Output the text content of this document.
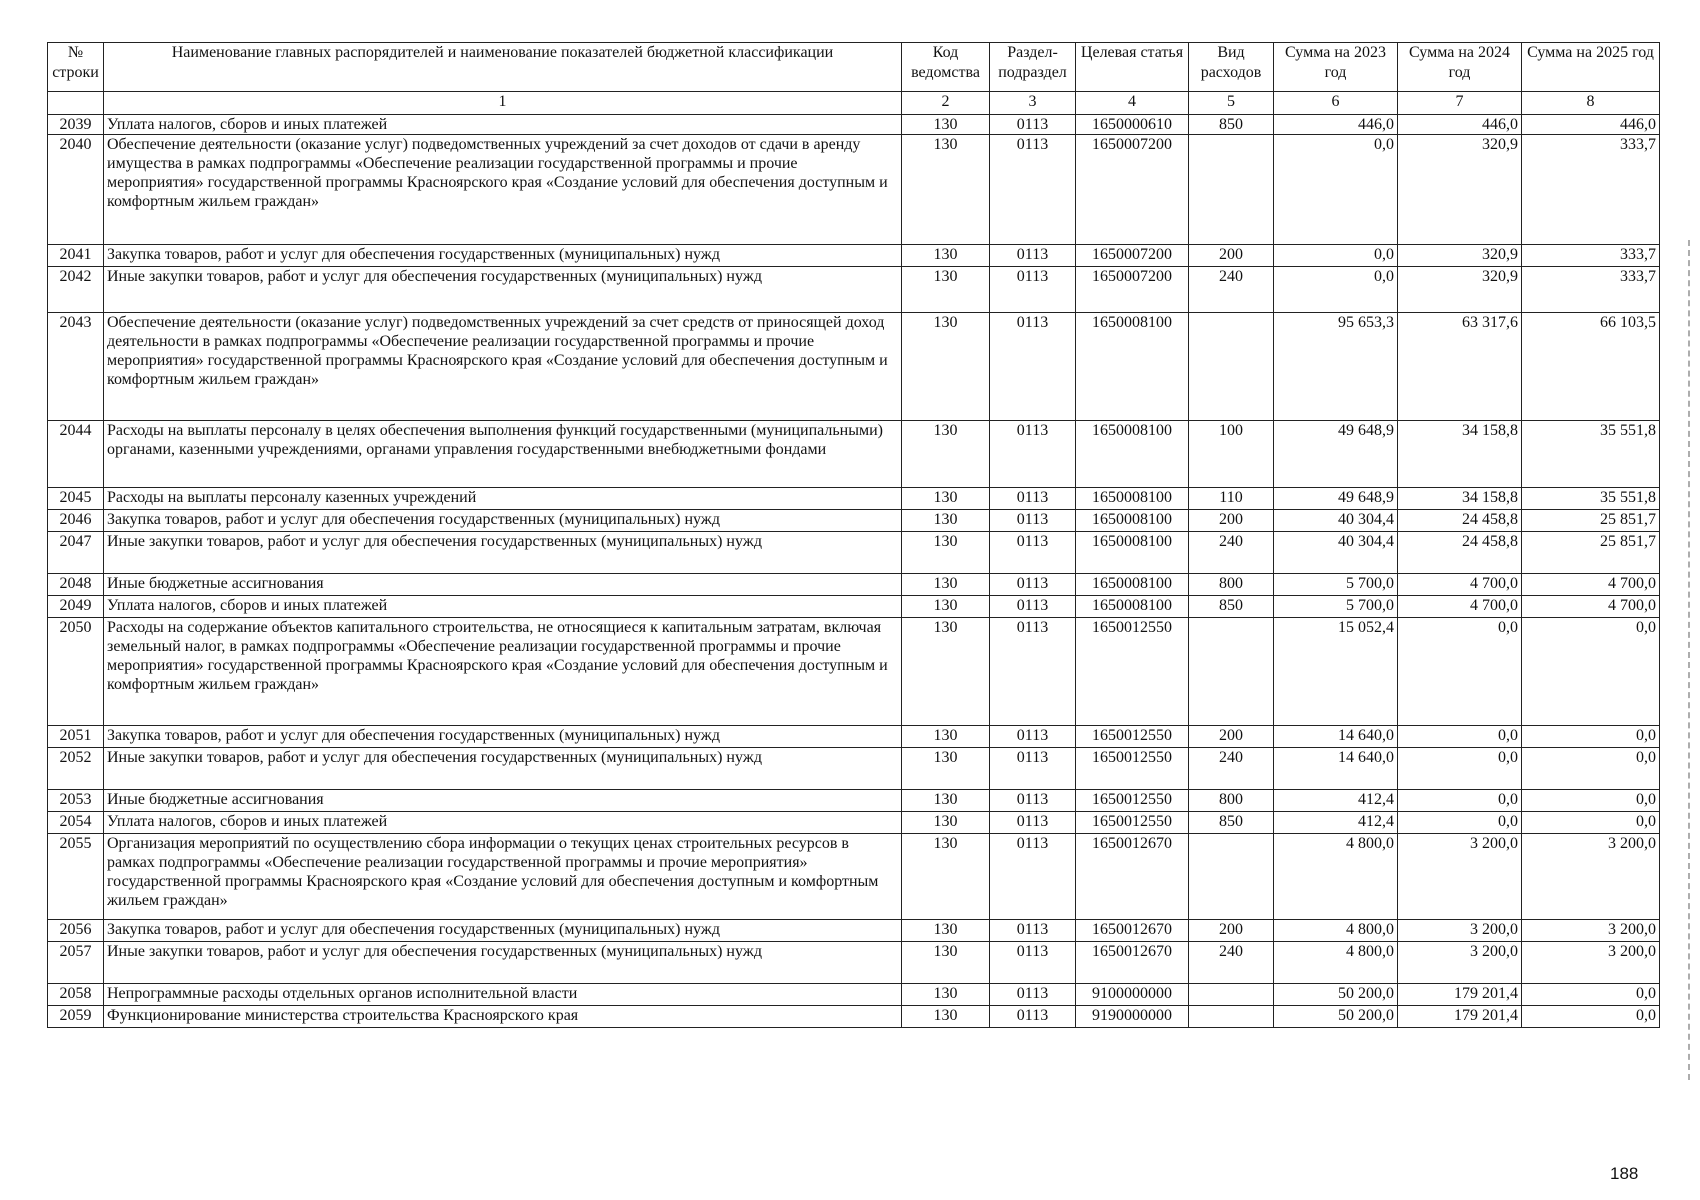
№ строки	Наименование главных распорядителей и наименование показателей бюджетной классификации	Код ведомства	Раздел-подраздел	Целевая статья	Вид расходов	Сумма на 2023 год	Сумма на 2024 год	Сумма на 2025 год
	1	2	3	4	5	6	7	8
2039	Уплата налогов, сборов и иных платежей	130	0113	1650000610	850	446,0	446,0	446,0
2040	Обеспечение деятельности (оказание услуг) подведомственных учреждений за счет доходов от сдачи в аренду имущества в рамках подпрограммы «Обеспечение реализации государственной программы и прочие мероприятия» государственной программы Красноярского края «Создание условий для обеспечения доступным и комфортным жильем граждан»	130	0113	1650007200		0,0	320,9	333,7
2041	Закупка товаров, работ и услуг для обеспечения государственных (муниципальных) нужд	130	0113	1650007200	200	0,0	320,9	333,7
2042	Иные закупки товаров, работ и услуг для обеспечения государственных (муниципальных) нужд	130	0113	1650007200	240	0,0	320,9	333,7
2043	Обеспечение деятельности (оказание услуг) подведомственных учреждений за счет средств от приносящей доход деятельности в рамках подпрограммы «Обеспечение реализации государственной программы и прочие мероприятия» государственной программы Красноярского края «Создание условий для обеспечения доступным и комфортным жильем граждан»	130	0113	1650008100		95 653,3	63 317,6	66 103,5
2044	Расходы на выплаты персоналу в целях обеспечения выполнения функций государственными (муниципальными) органами, казенными учреждениями, органами управления государственными внебюджетными фондами	130	0113	1650008100	100	49 648,9	34 158,8	35 551,8
2045	Расходы на выплаты персоналу казенных учреждений	130	0113	1650008100	110	49 648,9	34 158,8	35 551,8
2046	Закупка товаров, работ и услуг для обеспечения государственных (муниципальных) нужд	130	0113	1650008100	200	40 304,4	24 458,8	25 851,7
2047	Иные закупки товаров, работ и услуг для обеспечения государственных (муниципальных) нужд	130	0113	1650008100	240	40 304,4	24 458,8	25 851,7
2048	Иные бюджетные ассигнования	130	0113	1650008100	800	5 700,0	4 700,0	4 700,0
2049	Уплата налогов, сборов и иных платежей	130	0113	1650008100	850	5 700,0	4 700,0	4 700,0
2050	Расходы на содержание объектов капитального строительства, не относящиеся к капитальным затратам, включая земельный налог, в рамках подпрограммы «Обеспечение реализации государственной программы и прочие мероприятия» государственной программы Красноярского края «Создание условий для обеспечения доступным и комфортным жильем граждан»	130	0113	1650012550		15 052,4	0,0	0,0
2051	Закупка товаров, работ и услуг для обеспечения государственных (муниципальных) нужд	130	0113	1650012550	200	14 640,0	0,0	0,0
2052	Иные закупки товаров, работ и услуг для обеспечения государственных (муниципальных) нужд	130	0113	1650012550	240	14 640,0	0,0	0,0
2053	Иные бюджетные ассигнования	130	0113	1650012550	800	412,4	0,0	0,0
2054	Уплата налогов, сборов и иных платежей	130	0113	1650012550	850	412,4	0,0	0,0
2055	Организация мероприятий по осуществлению сбора информации о текущих ценах строительных ресурсов в рамках подпрограммы «Обеспечение реализации государственной программы и прочие мероприятия» государственной программы Красноярского края «Создание условий для обеспечения доступным и комфортным жильем граждан»	130	0113	1650012670		4 800,0	3 200,0	3 200,0
2056	Закупка товаров, работ и услуг для обеспечения государственных (муниципальных) нужд	130	0113	1650012670	200	4 800,0	3 200,0	3 200,0
2057	Иные закупки товаров, работ и услуг для обеспечения государственных (муниципальных) нужд	130	0113	1650012670	240	4 800,0	3 200,0	3 200,0
2058	Непрограммные расходы отдельных органов исполнительной власти	130	0113	9100000000		50 200,0	179 201,4	0,0
2059	Функционирование министерства строительства Красноярского края	130	0113	9190000000		50 200,0	179 201,4	0,0
188
